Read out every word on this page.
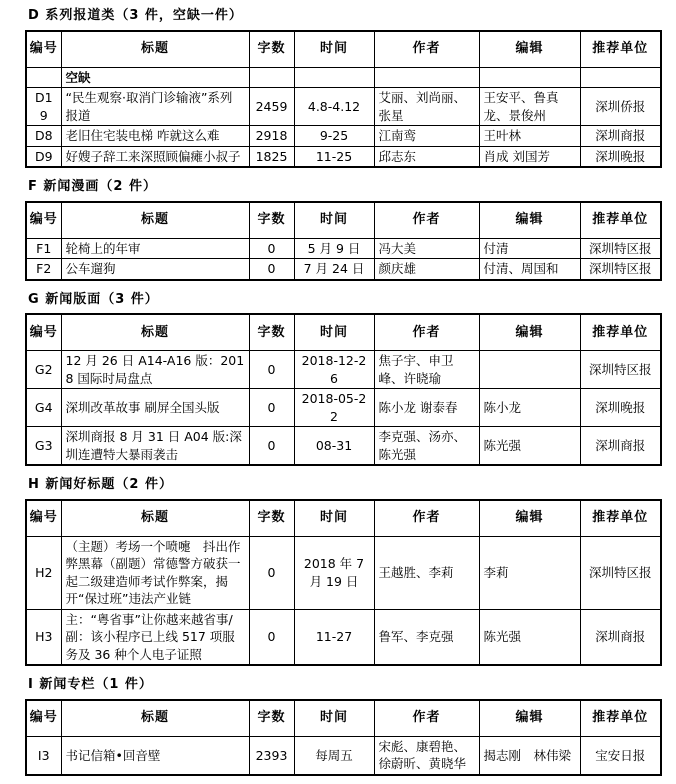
D 系列报道类（3 件，空缺一件）
编号	标题	字数	时间	作者	编辑	推荐单位
	空缺					
D19	“民生观察·取消门诊输液”系列报道	2459	4.8-4.12	艾丽、刘尚丽、张星	王安平、鲁真龙、景俊州	深圳侨报
D8	老旧住宅装电梯 咋就这么难	2918	9-25	江南鸾	王叶林	深圳商报
D9	好嫂子辞工来深照顾偏瘫小叔子	1825	11-25	邱志东	肖成 刘国芳	深圳晚报
F 新闻漫画（2 件）
编号	标题	字数	时间	作者	编辑	推荐单位
F1	轮椅上的年审	0	5 月 9 日	冯大美	付清	深圳特区报
F2	公车遛狗	0	7 月 24 日	颜庆雄	付清、周国和	深圳特区报
G 新闻版面（3 件）
编号	标题	字数	时间	作者	编辑	推荐单位
G2	12 月 26 日 A14-A16 版：2018 国际时局盘点	0	2018-12-26	焦子宇、申卫峰、许晓瑜		深圳特区报
G4	深圳改革故事 刷屏全国头版	0	2018-05-22	陈小龙 谢泰春	陈小龙	深圳晚报
G3	深圳商报 8 月 31 日 A04 版:深圳连遭特大暴雨袭击	0	08-31	李克强、汤亦、陈光强	陈光强	深圳商报
H 新闻好标题（2 件）
编号	标题	字数	时间	作者	编辑	推荐单位
H2	（主题）考场一个喷嚏　抖出作弊黑幕（副题）常德警方破获一起二级建造师考试作弊案，揭开“保过班”违法产业链	0	2018 年 7 月 19 日	王越胜、李莉	李莉	深圳特区报
H3	主：“粤省事”让你越来越省事/ 副：该小程序已上线 517 项服务及 36 种个人电子证照	0	11-27	鲁军、李克强	陈光强	深圳商报
I 新闻专栏（1 件）
编号	标题	字数	时间	作者	编辑	推荐单位
I3	书记信箱•回音壁	2393	每周五	宋彪、康碧艳、徐蔚昕、黄晓华	揭志刚　林伟梁	宝安日报
